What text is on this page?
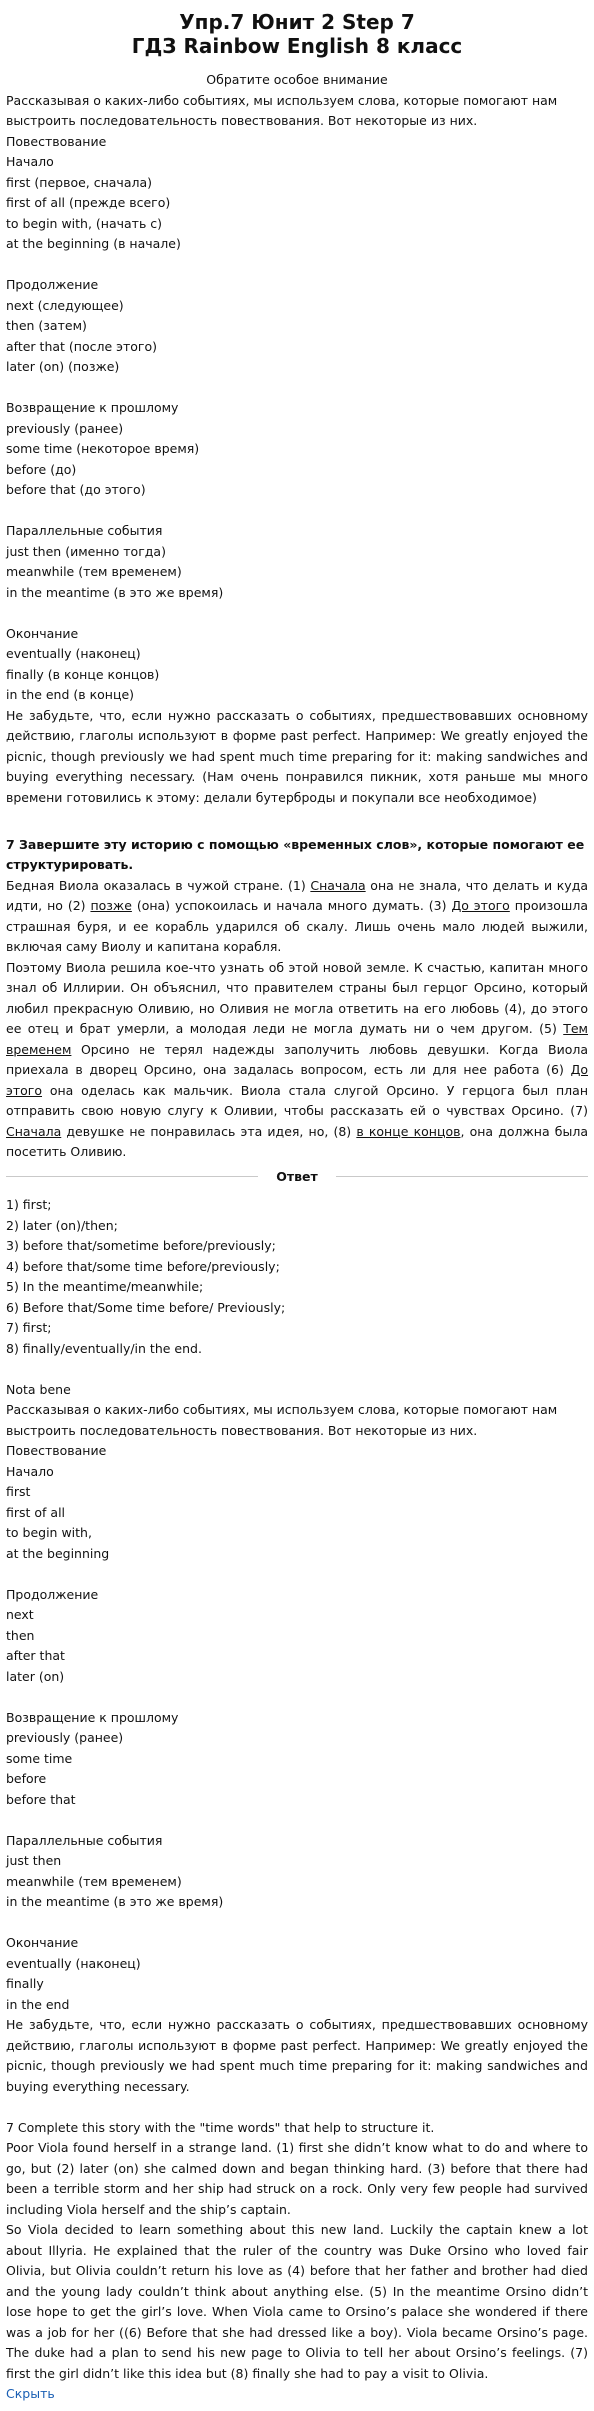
Упр.7 Юнит 2 Step 7
ГДЗ Rainbow English 8 класс
Обратите особое внимание
Рассказывая о каких-либо событиях, мы используем слова, которые помогают нам выстроить последовательность повествования. Вот некоторые из них.
Повествование
Начало
first (первое, сначала)
first of all (прежде всего)
to begin with, (начать с)
at the beginning (в начале)
Продолжение
next (следующее)
then (затем)
after that (после этого)
later (on) (позже)
Возвращение к прошлому
previously (ранее)
some time (некоторое время)
before (до)
before that (до этого)
Параллельные события
just then (именно тогда)
meanwhile (тем временем)
in the meantime (в это же время)
Окончание
eventually (наконец)
finally (в конце концов)
in the end (в конце)
Не забудьте, что, если нужно рассказать о событиях, предшествовавших основному действию, глаголы используют в форме past perfect. Например: We greatly enjoyed the picnic, though previously we had spent much time preparing for it: making sandwiches and buying everything necessary. (Нам очень понравился пикник, хотя раньше мы много времени готовились к этому: делали бутерброды и покупали все необходимое)
7 Завершите эту историю с помощью «временных слов», которые помогают ее структурировать.
Бедная Виола оказалась в чужой стране. (1) Сначала она не знала, что делать и куда идти, но (2) позже (она) успокоилась и начала много думать. (3) До этого произошла страшная буря, и ее корабль ударился об скалу. Лишь очень мало людей выжили, включая саму Виолу и капитана корабля.
Поэтому Виола решила кое-что узнать об этой новой земле. К счастью, капитан много знал об Иллирии. Он объяснил, что правителем страны был герцог Орсино, который любил прекрасную Оливию, но Оливия не могла ответить на его любовь (4), до этого ее отец и брат умерли, а молодая леди не могла думать ни о чем другом. (5) Тем временем Орсино не терял надежды заполучить любовь девушки. Когда Виола приехала в дворец Орсино, она задалась вопросом, есть ли для нее работа (6) До этого она оделась как мальчик. Виола стала слугой Орсино. У герцога был план отправить свою новую слугу к Оливии, чтобы рассказать ей о чувствах Орсино. (7) Сначала девушке не понравилась эта идея, но, (8) в конце концов, она должна была посетить Оливию.
Ответ
1) first;
2) later (on)/then;
3) before that/sometime before/previously;
4) before that/some time before/previously;
5) In the meantime/meanwhile;
6) Before that/Some time before/ Previously;
7) first;
8) finally/eventually/in the end.
Nota bene
Рассказывая о каких-либо событиях, мы используем слова, которые помогают нам выстроить последовательность повествования. Вот некоторые из них.
Повествование
Начало
first
first of all
to begin with,
at the beginning
Продолжение
next
then
after that
later (on)
Возвращение к прошлому
previously (ранее)
some time
before
before that
Параллельные события
just then
meanwhile (тем временем)
in the meantime (в это же время)
Окончание
eventually (наконец)
finally
in the end
Не забудьте, что, если нужно рассказать о событиях, предшествовавших основному действию, глаголы используют в форме past perfect. Например: We greatly enjoyed the picnic, though previously we had spent much time preparing for it: making sandwiches and buying everything necessary.
7 Complete this story with the "time words" that help to structure it.
Poor Viola found herself in a strange land. (1) first she didn’t know what to do and where to go, but (2) later (on) she calmed down and began thinking hard. (3) before that there had been a terrible storm and her ship had struck on a rock. Only very few people had survived including Viola herself and the ship’s captain.
So Viola decided to learn something about this new land. Luckily the captain knew a lot about Illyria. He explained that the ruler of the country was Duke Orsino who loved fair Olivia, but Olivia couldn’t return his love as (4) before that her father and brother had died and the young lady couldn’t think about anything else. (5) In the meantime Orsino didn’t lose hope to get the girl’s love. When Viola came to Orsino’s palace she wondered if there was a job for her ((6) Before that she had dressed like a boy). Viola became Orsino’s page. The duke had a plan to send his new page to Olivia to tell her about Orsino’s feelings. (7) first the girl didn’t like this idea but (8) finally she had to pay a visit to Olivia.
Скрыть
